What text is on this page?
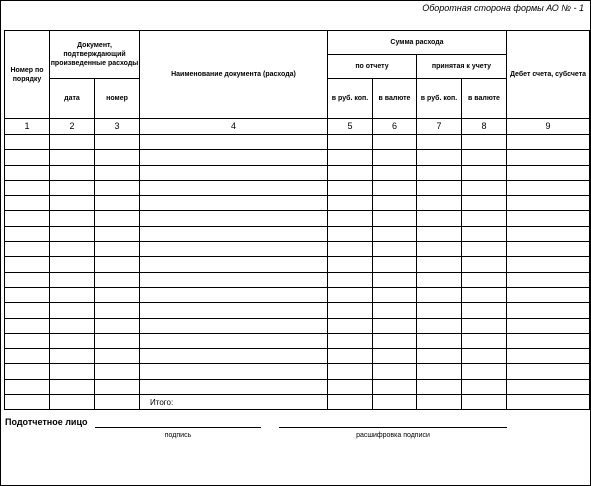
Оборотная сторона формы АО № - 1
Номер по порядку	Документ, подтверждающий произведенные расходы		Наименование документа (расхода)	Сумма расхода				Дебет счета, субсчета
				по отчету		принятая к учету		
	дата	номер		в руб. коп.	в валюте	в руб. коп.	в валюте	

1	2	3	4	5	6	7	8	9

			Итого:					
Подотчетное лицо
подпись	расшифровка подписи
